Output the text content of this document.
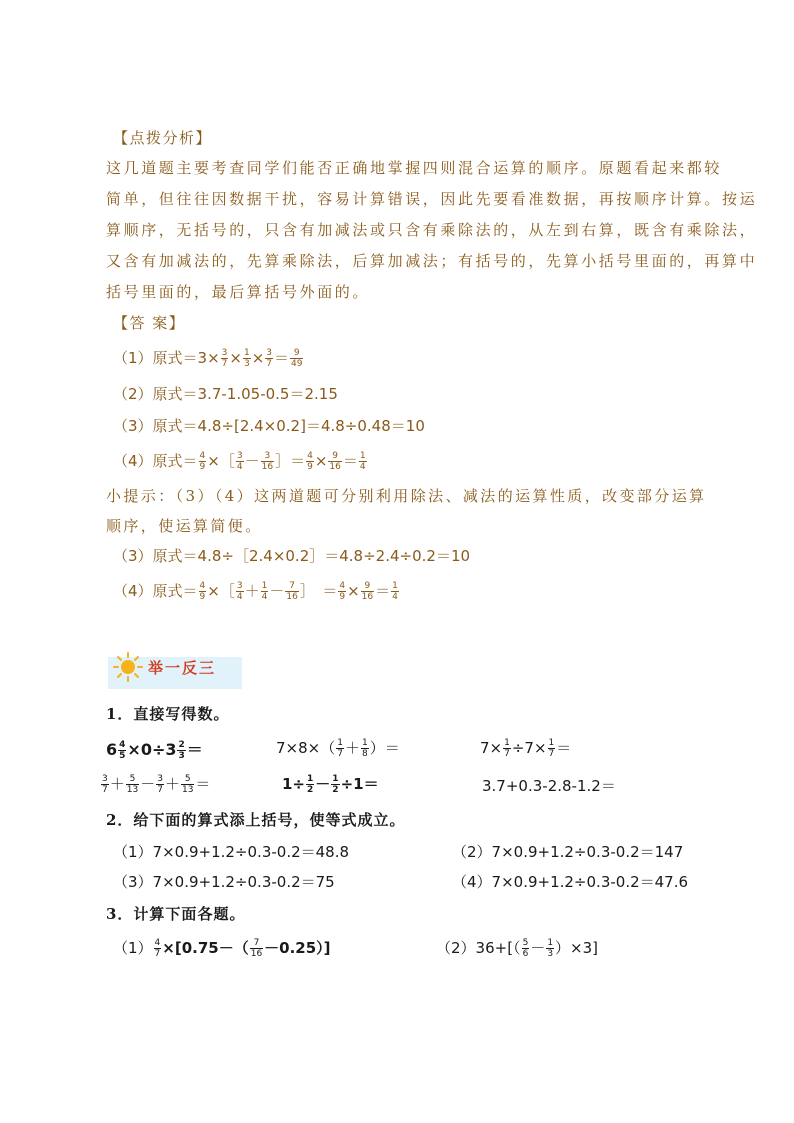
【点拨分析】
这几道题主要考查同学们能否正确地掌握四则混合运算的顺序。原题看起来都较
简单，但往往因数据干扰，容易计算错误，因此先要看准数据，再按顺序计算。按运
算顺序，无括号的，只含有加减法或只含有乘除法的，从左到右算，既含有乘除法，
又含有加减法的，先算乘除法，后算加减法；有括号的，先算小括号里面的，再算中
括号里面的，最后算括号外面的。
【答 案】
（1）原式$=3\times \frac{3}{7} \times \frac{1}{3} \times \frac{3}{7} = \frac{9}{49}$
（2）原式＝3.7-1.05-0.5＝2.15
（3）原式＝4.8÷[2.4×0.2]＝4.8÷0.48＝10
（4）原式＝ $\frac{4}{9}$ ×［ $\frac{3}{4} - \frac{3}{16}$ ］＝ $\frac{4}{9} \times \frac{9}{16} = \frac{1}{4}$
小提示：（3）（4）这两道题可分别利用除法、减法的运算性质，改变部分运算
顺序，使运算简便。
（3）原式＝4.8÷［2.4×0.2］＝4.8÷2.4÷0.2＝10
（4）原式＝ $\frac{4}{9}$ ×［ $\frac{3}{4} + \frac{1}{4} - \frac{7}{16}$ ］　＝ $\frac{4}{9} \times \frac{9}{16} = \frac{1}{4}$
举一反三
1．直接写得数。
$6 \frac{4}{5} \times 0\div 3 \frac{2}{3}$ ＝	$7\times 8\times( \frac{1}{7} + \frac{1}{8}$ ）＝	$7\times \frac{1}{7} \div 7\times \frac{1}{7}$ ＝
$\frac{3}{7} + \frac{5}{13} - \frac{3}{7} + \frac{5}{13}$ ＝	$1\div \frac{1}{2} - \frac{1}{2} \div 1=$	3.7+0.3-2.8-1.2＝
2．给下面的算式添上括号，使等式成立。
（1）7×0.9+1.2÷0.3-0.2＝48.8	（2）7×0.9+1.2÷0.3-0.2＝147
（3）7×0.9+1.2÷0.3-0.2＝75	（4）7×0.9+1.2÷0.3-0.2＝47.6
3．计算下面各题。
$(1) \frac{4}{7} \times[0.75-( \frac{7}{16} -0.25)]$	$(2)36+[( \frac{5}{6} - \frac{1}{3} )\times 3]$
